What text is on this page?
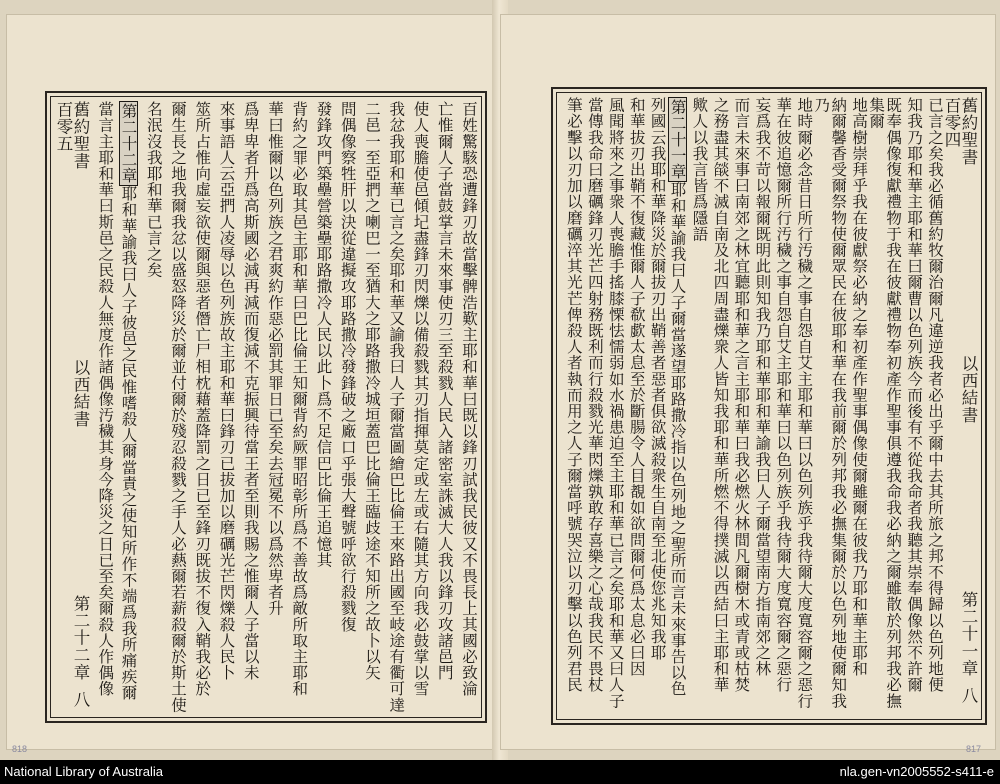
百姓驚駭恐遭鋒刃故當擊髀浩歎主耶和華曰既以鋒刃試我民彼又不畏長上其國必致淪
亡惟爾人子當鼓掌言未來事使刃三至殺戮人民入諸密室誅滅大人我以鋒刃攻諸邑門
使人喪膽使邑傾圮盡鋒刃閃爍以備殺戮其刃指揮莫定或左或右隨其方向我必鼓掌以雪
我忿我耶和華已言之矣耶和華又諭我曰人子爾當圖繪巴比倫王來路出國至岐途有衢可達
二邑一至亞捫之喇巴一至猶大之耶路撒冷城垣蓋巴比倫王臨歧途不知所之故卜以矢
問偶像察牲肝以決從違擬攻耶路撒冷發鋒破之廠口乎張大聲號呼欲行殺戮復
發鋒攻門築壘營築壘耶路撒冷人民以此卜爲不足信巴比倫王追憶其
背約之罪必取其邑主耶和華曰巴比倫王知爾背約厥罪昭彰所爲不善故爲敵所取主耶和
華曰惟爾以色列族之君爽約作惡必罰其罪日已至矣去冠冕不以爲然卑者升
爲卑卑者升爲高斯國必減再減而復減不克振興待當王者至則我賜之惟爾人子當以未
來事語人云亞捫人凌辱以色列族故主耶和華曰鋒刃已拔加以磨礪光芒閃爍殺人民卜
筮所占惟向虛妄欲使爾與惡者僭亡尸相枕藉蓋降罰之日已至鋒刃既拔不復入鞘我必於
爾生長之地我爾我忿以盛怒降災於爾並付爾於殘忍殺戮之手人必爇爾若薪殺爾於斯土使
名泯沒我耶和華已言之矣
第二十二章耶和華諭我曰人子彼邑之民惟嗜殺人爾當責之使知所作不端爲我所痛疾爾
當言主耶和華曰斯邑之民殺人無度作諸偶像汚穢其身今降災之日已至矣爾殺人作偶像
舊約聖書以西結書第二十二章八百零五	舊約聖書以西結書第二十一章八百零四
已言之矣我必循舊約牧爾治爾凡違逆我者必出乎爾中去其所旅之邦不得歸以色列地便
知我乃耶和華主耶和華曰爾曹以色列族今而後有不從我命者我聽其崇奉偶像然不許爾
既奉偶像復獻禮物于我在彼獻禮物奉初產作聖事俱遵我命我必納之爾雖散於列邦我必撫集爾
地高樹崇拜乎我在彼獻祭必納之奉初產作聖事偶像使爾雖爾在彼我乃耶和華主耶和
納爾馨香受爾祭物使爾眾民在彼耶和華在我前爾於列邦我必撫集爾於以色列地使爾知我乃
地時爾必念昔日所行汚穢之事自怨自艾主耶和華曰以色列族乎我待爾大度寬容爾之惡行
華在彼追憶爾所行汚穢之事自怨自艾主耶和華曰以色列族乎我待爾大度寬容爾之惡行
妄爲我不苛以報爾既明此則知我乃耶和華耶和華諭我曰人子爾當望南方指南郊之林
而言未來事曰南郊之林宜聽耶和華之言主耶和華曰我必燃火林間凡爾樹木或青或枯焚
之務盡其燄不滅自南及北四周盡爍衆人皆知我耶和華所燃不得撲滅以西結曰主耶和華
歟人以我言皆爲隱語
第二十一章耶和華諭我曰人子爾當遂望耶路撒冷指以色列地之聖所而言未來事告以色
列國云我耶和華降災於爾拔刃出鞘善者惡者俱欲滅殺衆生自南至北使您兆知我耶
和華拔刃出鞘不復藏惟爾人子欷歔太息至於斷腸令人目覩如欲問爾何爲太息必曰因
風聞將來之事衆人喪膽手搖膝慄怯懦弱如水禍患迫至主耶和華已言之矣耶和華又曰人子
當傳我命曰磨礪鋒刃光芒四射務既利而行殺戮光華閃爍孰敢存喜樂之心哉我民不畏杖
筆必擊以刃加以磨礪淬其光芒俾殺人者執而用之人子爾當呼號哭泣以刃擊以色列君民
818	817
National Library of Australia	nla.gen-vn2005552-s411-e
